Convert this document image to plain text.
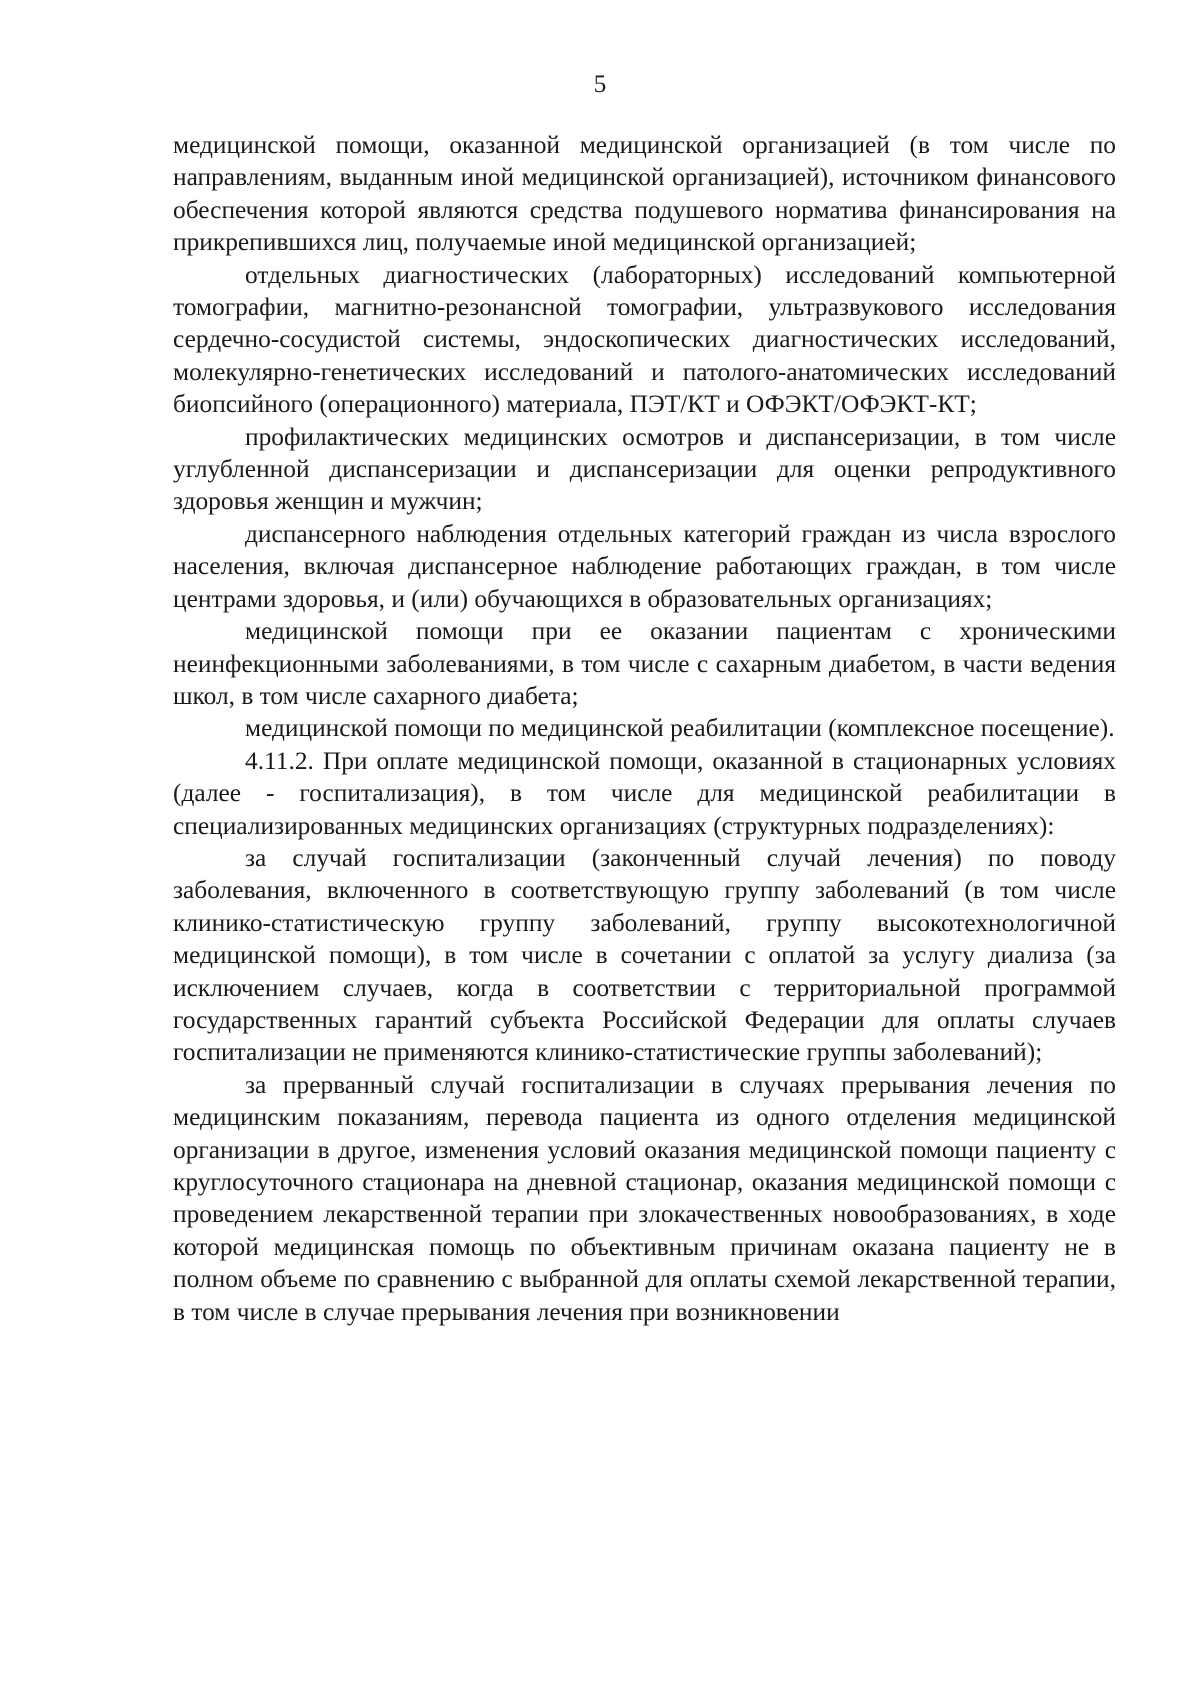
5

медицинской помощи, оказанной медицинской организацией (в том числе по направлениям, выданным иной медицинской организацией), источником финансового обеспечения которой являются средства подушевого норматива финансирования на прикрепившихся лиц, получаемые иной медицинской организацией;

отдельных диагностических (лабораторных) исследований компьютерной томографии, магнитно-резонансной томографии, ультразвукового исследования сердечно-сосудистой системы, эндоскопических диагностических исследований, молекулярно-генетических исследований и патолого-анатомических исследований биопсийного (операционного) материала, ПЭТ/КТ и ОФЭКТ/ОФЭКТ-КТ;

профилактических медицинских осмотров и диспансеризации, в том числе углубленной диспансеризации и диспансеризации для оценки репродуктивного здоровья женщин и мужчин;

диспансерного наблюдения отдельных категорий граждан из числа взрослого населения, включая диспансерное наблюдение работающих граждан, в том числе центрами здоровья, и (или) обучающихся в образовательных организациях;

медицинской помощи при ее оказании пациентам с хроническими неинфекционными заболеваниями, в том числе с сахарным диабетом, в части ведения школ, в том числе сахарного диабета;

медицинской помощи по медицинской реабилитации (комплексное посещение).

4.11.2. При оплате медицинской помощи, оказанной в стационарных условиях (далее - госпитализация), в том числе для медицинской реабилитации в специализированных медицинских организациях (структурных подразделениях):

за случай госпитализации (законченный случай лечения) по поводу заболевания, включенного в соответствующую группу заболеваний (в том числе клинико-статистическую группу заболеваний, группу высокотехнологичной медицинской помощи), в том числе в сочетании с оплатой за услугу диализа (за исключением случаев, когда в соответствии с территориальной программой государственных гарантий субъекта Российской Федерации для оплаты случаев госпитализации не применяются клинико-статистические группы заболеваний);

за прерванный случай госпитализации в случаях прерывания лечения по медицинским показаниям, перевода пациента из одного отделения медицинской организации в другое, изменения условий оказания медицинской помощи пациенту с круглосуточного стационара на дневной стационар, оказания медицинской помощи с проведением лекарственной терапии при злокачественных новообразованиях, в ходе которой медицинская помощь по объективным причинам оказана пациенту не в полном объеме по сравнению с выбранной для оплаты схемой лекарственной терапии, в том числе в случае прерывания лечения при возникновении
